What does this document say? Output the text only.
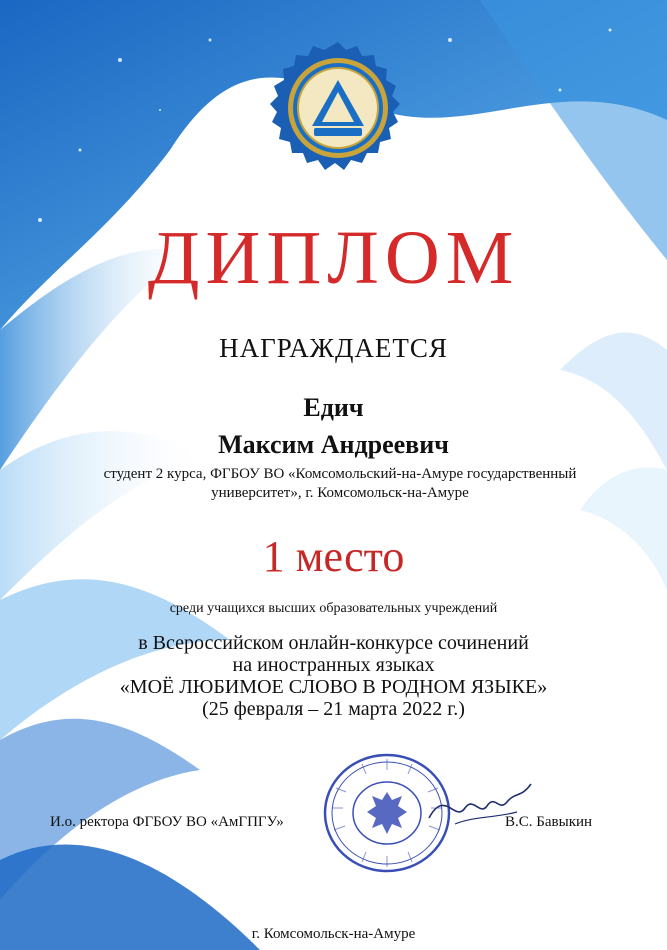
ДИПЛОМ
НАГРАЖДАЕТСЯ
Едич
Максим Андреевич
студент 2 курса, ФГБОУ ВО «Комсомольский-на-Амуре государственный университет», г. Комсомольск-на-Амуре
1 место
среди учащихся высших образовательных учреждений
в Всероссийском онлайн-конкурсе сочинений
на иностранных языках
«МОЁ ЛЮБИМОЕ СЛОВО В РОДНОМ ЯЗЫКЕ»
(25 февраля – 21 марта 2022 г.)
И.о. ректора ФГБОУ ВО «АмГПГУ»	В.С. Бавыкин
г. Комсомольск-на-Амуре
